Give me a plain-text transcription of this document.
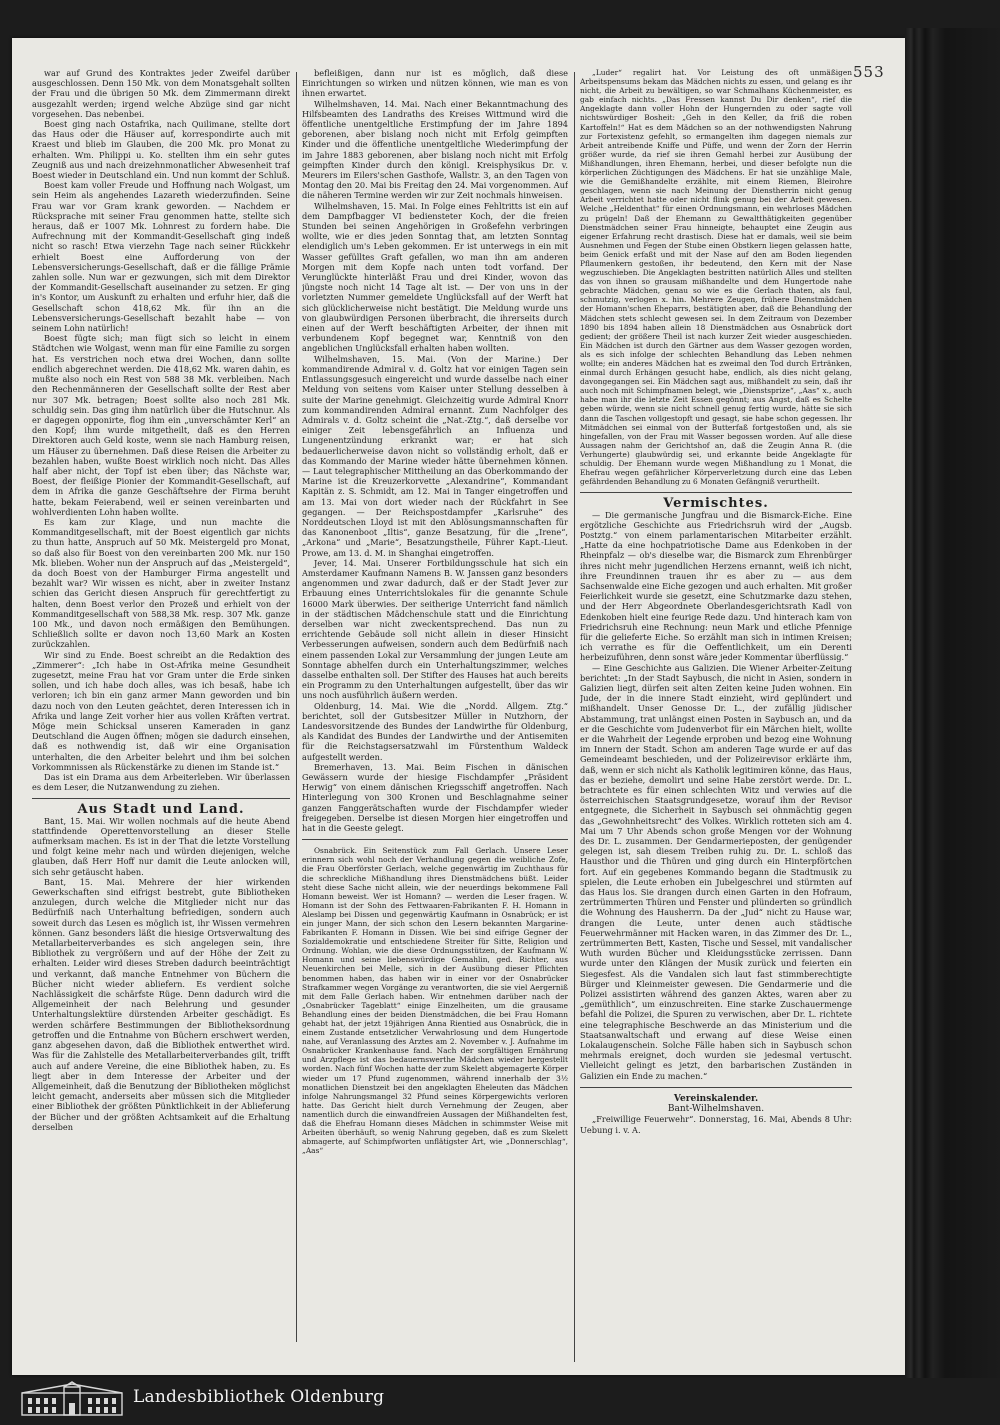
war auf Grund des Kontraktes jeder Zweifel darüber ausgeschlossen. Denn 150 Mk. von dem Monatsgehalt sollten der Frau und die übrigen 50 Mk. dem Zimmermann direkt ausgezahlt werden; irgend welche Abzüge sind gar nicht vorgesehen. Das nebenbei.

Boest ging nach Ostafrika, nach Quilimane, stellte dort das Haus oder die Häuser auf, korrespondirte auch mit Kraest und blieb im Glauben, die 200 Mk. pro Monat zu erhalten. Wm. Philippi u. Ko. stellten ihm ein sehr gutes Zeugniß aus und nach dreizehnmonatlicher Abwesenheit traf Boest wieder in Deutschland ein. Und nun kommt der Schluß.

Boest kam voller Freude und Hoffnung nach Wolgast, um sein Heim als angehendes Lazareth wiederzufinden. Seine Frau war vor Gram krank geworden. — Nachdem er Rücksprache mit seiner Frau genommen hatte, stellte sich heraus, daß er 1007 Mk. Lohnrest zu fordern habe. Die Aufrechnung mit der Kommandit-Gesellschaft ging indeß nicht so rasch! Etwa vierzehn Tage nach seiner Rückkehr erhielt Boest eine Aufforderung von der Lebensversicherungs-Gesellschaft, daß er die fällige Prämie zahlen solle. Nun war er gezwungen, sich mit dem Direktor der Kommandit-Gesellschaft auseinander zu setzen. Er ging in's Kontor, um Auskunft zu erhalten und erfuhr hier, daß die Gesellschaft schon 418,62 Mk. für ihn an die Lebensversicherungs-Gesellschaft bezahlt habe — von seinem Lohn natürlich!

Boest fügte sich; man fügt sich so leicht in einem Städtchen wie Wolgast, wenn man für eine Familie zu sorgen hat. Es verstrichen noch etwa drei Wochen, dann sollte endlich abgerechnet werden. Die 418,62 Mk. waren dahin, es mußte also noch ein Rest von 588 38 Mk. verbleiben. Nach den Rechenmänneren der Gesellschaft sollte der Rest aber nur 307 Mk. betragen; Boest sollte also noch 281 Mk. schuldig sein. Das ging ihm natürlich über die Hutschnur. Als er dagegen opponirte, flog ihm ein „unverschämter Kerl“ an den Kopf; ihm wurde mitgetheilt, daß es den Herren Direktoren auch Geld koste, wenn sie nach Hamburg reisen, um Häuser zu übernehmen. Daß diese Reisen die Arbeiter zu bezahlen haben, wußte Boest wirklich noch nicht. Das Alles half aber nicht, der Topf ist eben über; das Nächste war, Boest, der fleißige Pionier der Kommandit-Gesellschaft, auf dem in Afrika die ganze Geschäftsehre der Firma beruht hatte, bekam Feierabend, weil er seinen vereinbarten und wohlverdienten Lohn haben wollte.

Es kam zur Klage, und nun machte die Kommanditgesellschaft, mit der Boest eigentlich gar nichts zu thun hatte, Anspruch auf 50 Mk. Meistergeld pro Monat, so daß also für Boest von den vereinbarten 200 Mk. nur 150 Mk. blieben. Woher nun der Anspruch auf das „Meistergeld“, da doch Boest von der Hamburger Firma angestellt und bezahlt war? Wir wissen es nicht, aber in zweiter Instanz schien das Gericht diesen Anspruch für gerechtfertigt zu halten, denn Boest verlor den Prozeß und erhielt von der Kommanditgesellschaft von 588,38 Mk. resp. 307 Mk. ganze 100 Mk., und davon noch ermäßigen den Bemühungen. Schließlich sollte er davon noch 13,60 Mark an Kosten zurückzahlen.

Wir sind zu Ende. Boest schreibt an die Redaktion des „Zimmerer“: „Ich habe in Ost-Afrika meine Gesundheit zugesetzt, meine Frau hat vor Gram unter die Erde sinken sollen, und ich habe doch alles, was ich besaß, habe ich verloren; ich bin ein ganz armer Mann geworden und bin dazu noch von den Leuten geächtet, deren Interessen ich in Afrika und lange Zeit vorher hier aus vollen Kräften vertrat. Möge mein Schicksal unseren Kameraden in ganz Deutschland die Augen öffnen; mögen sie dadurch einsehen, daß es nothwendig ist, daß wir eine Organisation unterhalten, die den Arbeiter belehrt und ihm bei solchen Vorkommnissen als Rückenstärke zu dienen im Stande ist.“

Das ist ein Drama aus dem Arbeiterleben. Wir überlassen es dem Leser, die Nutzanwendung zu ziehen.

Aus Stadt und Land.

Bant, 15. Mai. Wir wollen nochmals auf die heute Abend stattfindende Operettenvorstellung an dieser Stelle aufmerksam machen. Es ist in der That die letzte Vorstellung und folgt keine mehr nach und würden diejenigen, welche glauben, daß Herr Hoff nur damit die Leute anlocken will, sich sehr getäuscht haben.

Bant, 15. Mai. Mehrere der hier wirkenden Gewerkschaften sind eifrigst bestrebt, gute Bibliotheken anzulegen, durch welche die Mitglieder nicht nur das Bedürfniß nach Unterhaltung befriedigen, sondern auch soweit durch das Lesen es möglich ist, ihr Wissen vermehren können. Ganz besonders läßt die hiesige Ortsverwaltung des Metallarbeiterverbandes es sich angelegen sein, ihre Bibliothek zu vergrößern und auf der Höhe der Zeit zu erhalten. Leider wird dieses Streben dadurch beeinträchtigt und verkannt, daß manche Entnehmer von Büchern die Bücher nicht wieder abliefern. Es verdient solche Nachlässigkeit die schärfste Rüge. Denn dadurch wird die Allgemeinheit der nach Belehrung und gesunder Unterhaltungslektüre dürstenden Arbeiter geschädigt. Es werden schärfere Bestimmungen der Bibliotheksordnung getroffen und die Entnahme von Büchern erschwert werden, ganz abgesehen davon, daß die Bibliothek entwerthet wird. Was für die Zahlstelle des Metallarbeiterverbandes gilt, trifft auch auf andere Vereine, die eine Bibliothek haben, zu. Es liegt aber in dem Interesse der Arbeiter und der Allgemeinheit, daß die Benutzung der Bibliotheken möglichst leicht gemacht, anderseits aber müssen sich die Mitglieder einer Bibliothek der größten Pünktlichkeit in der Ablieferung der Bücher und der größten Achtsamkeit auf die Erhaltung derselben

befleißigen, dann nur ist es möglich, daß diese Einrichtungen so wirken und nützen können, wie man es von ihnen erwartet.

Wilhelmshaven, 14. Mai. Nach einer Bekanntmachung des Hilfsbeamten des Landraths des Kreises Wittmund wird die öffentliche unentgeltliche Erstimpfung der im Jahre 1894 geborenen, aber bislang noch nicht mit Erfolg geimpften Kinder und die öffentliche unentgeltliche Wiederimpfung der im Jahre 1883 geborenen, aber bislang noch nicht mit Erfolg geimpften Kinder durch den königl. Kreisphysikus Dr. v. Meurers im Eilers'schen Gasthofe, Wallstr. 3, an den Tagen von Montag den 20. Mai bis Freitag den 24. Mai vorgenommen. Auf die näheren Termine werden wir zur Zeit nochmals hinweisen.

Wilhelmshaven, 15. Mai. In Folge eines Fehltritts ist ein auf dem Dampfbagger VI bediensteter Koch, der die freien Stunden bei seinen Angehörigen in Großefehn verbringen wollte, wie er dies jeden Sonntag that, am letzten Sonntag elendiglich um's Leben gekommen. Er ist unterwegs in ein mit Wasser gefülltes Graft gefallen, wo man ihn am anderen Morgen mit dem Kopfe nach unten todt vorfand. Der Verunglückte hinterläßt Frau und drei Kinder, wovon das jüngste noch nicht 14 Tage alt ist. — Der von uns in der vorletzten Nummer gemeldete Unglücksfall auf der Werft hat sich glücklicherweise nicht bestätigt. Die Meldung wurde uns von glaubwürdigen Personen überbracht, die ihrerseits durch einen auf der Werft beschäftigten Arbeiter, der ihnen mit verbundenem Kopf begegnet war, Kenntniß von den angeblichen Unglücksfall erhalten haben wollten.

Wilhelmshaven, 15. Mai. (Von der Marine.) Der kommandirende Admiral v. d. Goltz hat vor einigen Tagen sein Entlassungsgesuch eingereicht und wurde dasselbe nach einer Meldung von seitens vom Kaiser unter Stellung desselben à suite der Marine genehmigt. Gleichzeitig wurde Admiral Knorr zum kommandirenden Admiral ernannt. Zum Nachfolger des Admirals v. d. Goltz scheint die „Nat.-Ztg.“, daß derselbe vor einiger Zeit lebensgefährlich an Influenza und Lungenentzündung erkrankt war; er hat sich bedauerlicherweise davon nicht so vollständig erholt, daß er das Kommando der Marine wieder hätte übernehmen können. — Laut telegraphischer Mittheilung an das Oberkommando der Marine ist die Kreuzerkorvette „Alexandrine“, Kommandant Kapitän z. S. Schmidt, am 12. Mai in Tanger eingetroffen und am 13. Mai von dort wieder nach der Rückfahrt in See gegangen. — Der Reichspostdampfer „Karlsruhe“ des Norddeutschen Lloyd ist mit den Ablösungsmannschaften für das Kanonenboot „Iltis“, ganze Besatzung, für die „Irene“, „Arkona“ und „Marie“, Besatzungstheile, Führer Kapt.-Lieut. Prowe, am 13. d. M. in Shanghai eingetroffen.

Jever, 14. Mai. Unserer Fortbildungsschule hat sich ein Amsterdamer Kaufmann Namens B. W. Janssen ganz besonders angenommen und zwar dadurch, daß er der Stadt Jever zur Erbauung eines Unterrichtslokales für die genannte Schule 16000 Mark überwies. Der seitherige Unterricht fand nämlich in der städtischen Mädchenschule statt und die Einrichtung derselben war nicht zweckentsprechend. Das nun zu errichtende Gebäude soll nicht allein in dieser Hinsicht Verbesserungen aufweisen, sondern auch dem Bedürfniß nach einem passenden Lokal zur Versammlung der jungen Leute am Sonntage abhelfen durch ein Unterhaltungszimmer, welches dasselbe enthalten soll. Der Stifter des Hauses hat auch bereits ein Programm zu den Unterhaltungen aufgestellt, über das wir uns noch ausführlich äußern werden.

Oldenburg, 14. Mai. Wie die „Nordd. Allgem. Ztg.“ berichtet, soll der Gutsbesitzer Müller in Nutzhorn, der Landesvorsitzende des Bundes der Landwirthe für Oldenburg, als Kandidat des Bundes der Landwirthe und der Antisemiten für die Reichstagsersatzwahl im Fürstenthum Waldeck aufgestellt werden.

Bremerhaven, 13. Mai. Beim Fischen in dänischen Gewässern wurde der hiesige Fischdampfer „Präsident Herwig“ von einem dänischen Kriegsschiff angetroffen. Nach Hinterlegung von 300 Kronen und Beschlagnahme seiner ganzen Fanggerätschaften wurde der Fischdampfer wieder freigegeben. Derselbe ist diesen Morgen hier eingetroffen und hat in die Geeste gelegt.

Osnabrück. Ein Seitenstück zum Fall Gerlach. Unsere Leser erinnern sich wohl noch der Verhandlung gegen die weibliche Zofe, die Frau Oberförster Gerlach, welche gegenwärtig im Zuchthaus für die schreckliche Mißhandlung ihres Dienstmädchens büßt. Leider steht diese Sache nicht allein, wie der neuerdings bekommene Fall Homann beweist. Wer ist Homann? — werden die Leser fragen. W. Homann ist der Sohn des Fettwaaren-Fabrikanten F. H. Homann in Aleslamp bei Dissen und gegenwärtig Kaufmann in Osnabrück; er ist ein junger Mann, der sich schon den Lesern bekannten Margarine-Fabrikanten F. Homann in Dissen. Wie bei sind eifrige Gegner der Sozialdemokratie und entschiedene Streiter für Sitte, Religion und Ordnung. Wohlan, wie die diese Ordnungsstützen, der Kaufmann W. Homann und seine liebenswürdige Gemahlin, ged. Richter, aus Neuenkirchen bei Melle, sich in der Ausübung dieser Pflichten benommen haben, das haben wir in einer vor der Osnabrücker Strafkammer wegen Vorgänge zu verantworten, die sie viel Aergerniß mit dem Falle Gerlach haben. Wir entnehmen darüber nach der „Osnabrücker Tageblatt“ einige Einzelheiten, um die grausame Behandlung eines der beiden Dienstmädchen, die bei Frau Homann gehabt hat, der jetzt 19jährigen Anna Rientied aus Osnabrück, die in einem Zustande entsetzlicher Verwahrlosung und dem Hungertode nahe, auf Veranlassung des Arztes am 2. November v. J. Aufnahme im Osnabrücker Krankenhause fand. Nach der sorgfältigen Ernährung und Arzpflege ist das bedauernswerthe Mädchen wieder hergestellt worden. Nach fünf Wochen hatte der zum Skelett abgemagerte Körper wieder um 17 Pfund zugenommen, während innerhalb der 3½ monatlichen Dienstzeit bei den angeklagten Eheleuten das Mädchen infolge Nahrungsmangel 32 Pfund seines Körpergewichts verloren hatte. Das Gericht hielt durch Vernehmung der Zeugen, aber namentlich durch die einwandfreien Aussagen der Mißhandelten fest, daß die Ehefrau Homann dieses Mädchen in schimmster Weise mit Arbeiten überhäuft, so wenig Nahrung gegeben, daß es zum Skelett abmagerte, auf Schimpfworten unflätigster Art, wie „Donnerschlag“, „Aas“

„Luder“ regalirt hat. Vor Leistung des oft unmäßigen Arbeitspensums bekam das Mädchen nichts zu essen, und gelang es ihr nicht, die Arbeit zu bewältigen, so war Schmalhans Küchenmeister, es gab einfach nichts. „Das Fressen kannst Du Dir denken“, rief die Angeklagte dann voller Hohn der Hungernden zu oder sagte voll nichtswürdiger Bosheit: „Geh in den Keller, da friß die roben Kartoffeln!“ Hat es dem Mädchen so an der nothwendigsten Nahrung zur Fortexistenz gefehlt, so ermangelten ihm dagegen niemals zur Arbeit antreibende Kniffe und Püffe, und wenn der Zorn der Herrin größer wurde, da rief sie ihren Gemahl herbei zur Ausübung der Mißhandlungen, ihren Ehemann, herbei, und dieser befolgte nun die körperlichen Züchtigungen des Mädchens. Er hat sie unzählige Male, wie die Gemißhandelte erzählte, mit einem Riemen, Bleirohre geschlagen, wenn sie nach Meinung der Dienstherrin nicht genug Arbeit verrichtet hatte oder nicht flink genug bei der Arbeit gewesen. Welche „Heldenthat“ für einen Ordnungsmann, ein wehrloses Mädchen zu prügeln! Daß der Ehemann zu Gewaltthätigkeiten gegenüber Dienstmädchen seiner Frau hinneigte, behauptet eine Zeugin aus eigener Erfahrung recht drastisch. Diese hat er damals, weil sie beim Ausnehmen und Fegen der Stube einen Obstkern liegen gelassen hatte, beim Genick erfaßt und mit der Nase auf den am Boden liegenden Pflaumenkern gestoßen, ihr bedeutend, den Kern mit der Nase wegzuschieben. Die Angeklagten bestritten natürlich Alles und stellten das von ihnen so grausam mißhandelte und dem Hungertode nahe gebrachte Mädchen, genau so wie es die Gerlach thaten, als faul, schmutzig, verlogen x. hin. Mehrere Zeugen, frühere Dienstmädchen der Homann'schen Eheparrs, bestätigten aber, daß die Behandlung der Mädchen stets schlecht gewesen sei. In dem Zeitraum von Dezember 1890 bis 1894 haben allein 18 Dienstmädchen aus Osnabrück dort gedient; der größere Theil ist nach kurzer Zeit wieder ausgeschieden. Ein Mädchen ist durch den Gärtner aus dem Wasser gezogen worden, als es sich infolge der schlechten Behandlung das Leben nehmen wollte; ein anderes Mädchen hat es zweimal den Tod durch Ertränken, einmal durch Erhängen gesucht habe, endlich, als dies nicht gelang, davongegangen sei. Ein Mädchen sagt aus, mißhandelt zu sein, daß ihr auch noch mit Schimpfnamen belegt, wie „Dienstsprize“, „Aas“ x., auch habe man ihr die letzte Zeit Essen gegönnt; aus Angst, daß es Schelte geben würde, wenn sie nicht schnell genug fertig wurde, hätte sie sich dann die Taschen vollgestopft und gesagt, sie habe schon gegessen. Ihr Mitmädchen sei einmal von der Butterfaß fortgestoßen und, als sie hingefallen, von der Frau mit Wasser begossen worden. Auf alle diese Aussagen nahm der Gerichtshof an, daß die Zeugin Anna R. (die Verhungerte) glaubwürdig sei, und erkannte beide Angeklagte für schuldig. Der Ehemann wurde wegen Mißhandlung zu 1 Monat, die Ehefrau wegen gefährlicher Körperverletzung durch eine das Leben gefährdenden Behandlung zu 6 Monaten Gefängniß verurtheilt.

Vermischtes.

— Die germanische Jungfrau und die Bismarck-Eiche. Eine ergötzliche Geschichte aus Friedrichsruh wird der „Augsb. Postztg.“ von einem parlamentarischen Mitarbeiter erzählt. „Hatte da eine hochpatriotische Dame aus Edenkoben in der Rheinpfalz — ob's dieselbe war, die Bismarck zum Ehrenbürger ihres nicht mehr jugendlichen Herzens ernannt, weiß ich nicht, ihre Freundinnen trauen ihr es aber zu — aus dem Sachsenwalde eine Eiche gezogen und auch erhalten. Mit großer Feierlichkeit wurde sie gesetzt, eine Schutzmarke dazu stehen, und der Herr Abgeordnete Oberlandesgerichtsrath Kadl von Edenkoben hielt eine feurige Rede dazu. Und hinterach kam von Friedrichsruh eine Rechnung: neun Mark und etliche Pfennige für die gelieferte Eiche. So erzählt man sich in intimen Kreisen; ich verrathe es für die Oeffentlichkeit, um ein Derenti herbeizuführen, denn sonst wäre jeder Kommentar überflüssig.“

— Eine Geschichte aus Galizien. Die Wiener Arbeiter-Zeitung berichtet: „In der Stadt Saybusch, die nicht in Asien, sondern in Galizien liegt, dürfen seit alten Zeiten keine Juden wohnen. Ein Jude, der in die innere Stadt einzieht, wird geplündert und mißhandelt. Unser Genosse Dr. L., der zufällig jüdischer Abstammung, trat unlängst einen Posten in Saybusch an, und da er die Geschichte vom Judenverbot für ein Märchen hielt, wollte er die Wahrheit der Legende erproben und bezog eine Wohnung im Innern der Stadt. Schon am anderen Tage wurde er auf das Gemeindeamt beschieden, und der Polizeirevisor erklärte ihm, daß, wenn er sich nicht als Katholik legitimiren könne, das Haus, das er beziehe, demolirt und seine Habe zerstört werde. Dr. L. betrachtete es für einen schlechten Witz und verwies auf die österreichischen Staatsgrundgesetze, worauf ihm der Revisor entgegnete, die Sicherheit in Saybusch sei ohnmächtig gegen das „Gewohnheitsrecht“ des Volkes. Wirklich rotteten sich am 4. Mai um 7 Uhr Abends schon große Mengen vor der Wohnung des Dr. L. zusammen. Der Gendarmerieposten, der genügender gelegen ist, sah diesem Treiben ruhig zu. Dr. L. schloß das Hausthor und die Thüren und ging durch ein Hinterpförtchen fort. Auf ein gegebenes Kommando begann die Stadtmusik zu spielen, die Leute erhoben ein Jubelgeschrei und stürmten auf das Haus los. Sie drangen durch einen Garten in den Hofraum, zertrümmerten Thüren und Fenster und plünderten so gründlich die Wohnung des Hausherrn. Da der „Jud“ nicht zu Hause war, drangen die Leute, unter denen auch städtische Feuerwehrmänner mit Hacken waren, in das Zimmer des Dr. L., zertrümmerten Bett, Kasten, Tische und Sessel, mit vandalischer Wuth wurden Bücher und Kleidungsstücke zerrissen. Dann wurde unter den Klängen der Musik zurück und feierten ein Siegesfest. Als die Vandalen sich laut fast stimmberechtigte Bürger und Kleinmeister gewesen. Die Gendarmerie und die Polizei assistirten während des ganzen Aktes, waren aber zu „gemüthlich“, um einzuschreiten. Eine starke Zuschauermenge befahl die Polizei, die Spuren zu verwischen, aber Dr. L. richtete eine telegraphische Beschwerde an das Ministerium und die Staatsanwaltschaft und erwang auf diese Weise einen Lokalaugenschein. Solche Fälle haben sich in Saybusch schon mehrmals ereignet, doch wurden sie jedesmal vertuscht. Vielleicht gelingt es jetzt, den barbarischen Zuständen in Galizien ein Ende zu machen.“

Vereinskalender.

Bant-Wilhelmshaven.

„Freiwillige Feuerwehr“. Donnerstag, 16. Mai, Abends 8 Uhr: Uebung i. v. A.

553
Landesbibliothek Oldenburg
